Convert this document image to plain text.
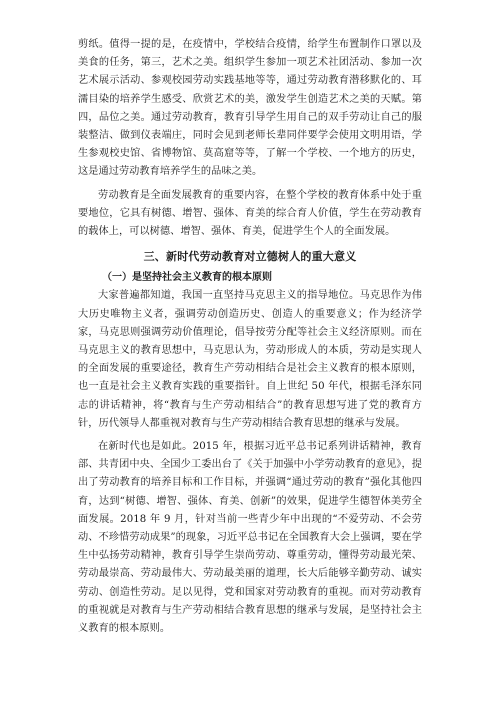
剪纸。值得一提的是，在疫情中，学校结合疫情，给学生布置制作口罩以及美食的任务，第三，艺术之美。组织学生参加一项艺术社团活动、参加一次艺术展示活动、参观校园劳动实践基地等等，通过劳动教育潜移默化的、耳濡目染的培养学生感受、欣赏艺术的美，激发学生创造艺术之美的天赋。第四，品位之美。通过劳动教育，教育引导学生用自己的双手劳动让自己的服装整洁、做到仪表端庄，同时会见到老师长辈同伴要学会使用文明用语，学生参观校史馆、省博物馆、莫高窟等等，了解一个学校、一个地方的历史，这是通过劳动教育培养学生的品味之美。

劳动教育是全面发展教育的重要内容，在整个学校的教育体系中处于重要地位，它具有树德、增智、强体、育美的综合育人价值，学生在劳动教育的载体上，可以树德、增智、强体、育美，促进学生个人的全面发展。

三、新时代劳动教育对立德树人的重大意义
（一）是坚持社会主义教育的根本原则

大家普遍都知道，我国一直坚持马克思主义的指导地位。马克思作为伟大历史唯物主义者，强调劳动创造历史、创造人的重要意义；作为经济学家，马克思则强调劳动价值理论，倡导按劳分配等社会主义经济原则。而在马克思主义的教育思想中，马克思认为，劳动形成人的本质，劳动是实现人的全面发展的重要途径，教育生产劳动相结合是社会主义教育的根本原则，也一直是社会主义教育实践的重要指针。自上世纪 50 年代，根据毛泽东同志的讲话精神，将“教育与生产劳动相结合”的教育思想写进了党的教育方针，历代领导人都重视对教育与生产劳动相结合教育思想的继承与发展。

在新时代也是如此。2015 年，根据习近平总书记系列讲话精神，教育部、共青团中央、全国少工委出台了《关于加强中小学劳动教育的意见》，提出了劳动教育的培养目标和工作目标，并强调“通过劳动的教育”强化其他四育，达到“树德、增智、强体、育美、创新”的效果，促进学生德智体美劳全面发展。2018 年 9 月，针对当前一些青少年中出现的“不爱劳动、不会劳动、不珍惜劳动成果”的现象，习近平总书记在全国教育大会上强调，要在学生中弘扬劳动精神，教育引导学生崇尚劳动、尊重劳动，懂得劳动最光荣、劳动最崇高、劳动最伟大、劳动最美丽的道理，长大后能够辛勤劳动、诚实劳动、创造性劳动。足以见得，党和国家对劳动教育的重视。而对劳动教育的重视就是对教育与生产劳动相结合教育思想的继承与发展，是坚持社会主义教育的根本原则。
